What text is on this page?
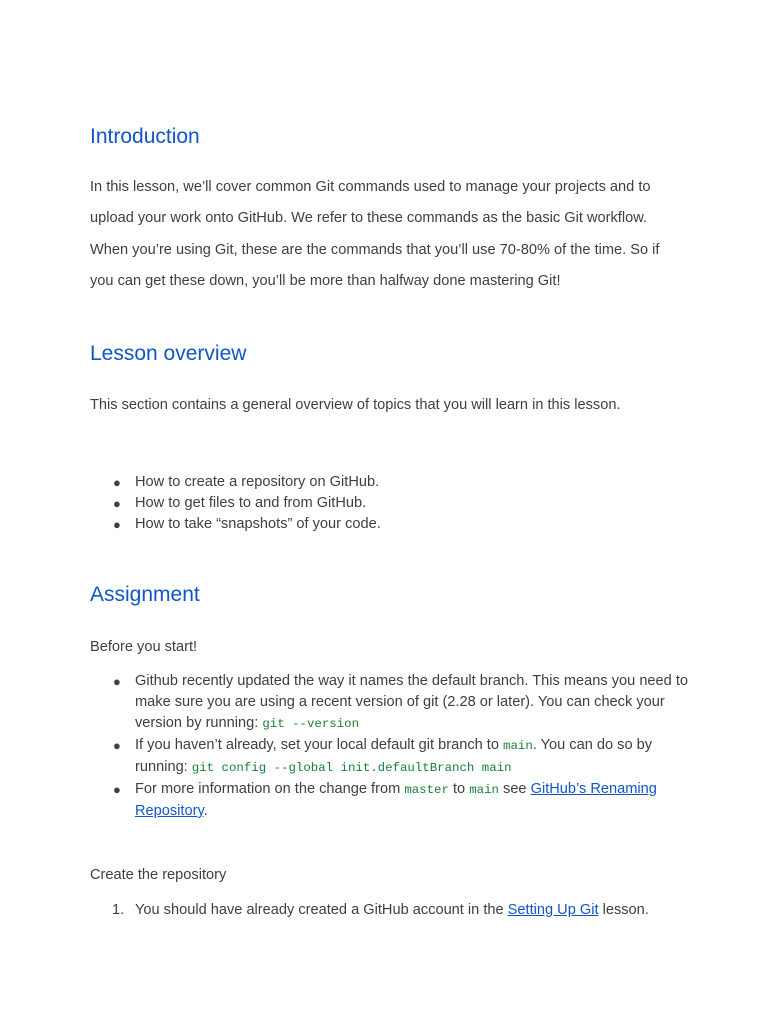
Introduction

In this lesson, we’ll cover common Git commands used to manage your projects and to upload your work onto GitHub. We refer to these commands as the basic Git workflow. When you’re using Git, these are the commands that you’ll use 70-80% of the time. So if you can get these down, you’ll be more than halfway done mastering Git!

Lesson overview

This section contains a general overview of topics that you will learn in this lesson.

● How to create a repository on GitHub.
● How to get files to and from GitHub.
● How to take “snapshots” of your code.
Assignment

Before you start!

● Github recently updated the way it names the default branch. This means you need to make sure you are using a recent version of git (2.28 or later). You can check your version by running: git --version
● If you haven’t already, set your local default git branch to main. You can do so by running: git config --global init.defaultBranch main
● For more information on the change from master to main see GitHub’s Renaming Repository.

Create the repository

1. You should have already created a GitHub account in the Setting Up Git lesson.
